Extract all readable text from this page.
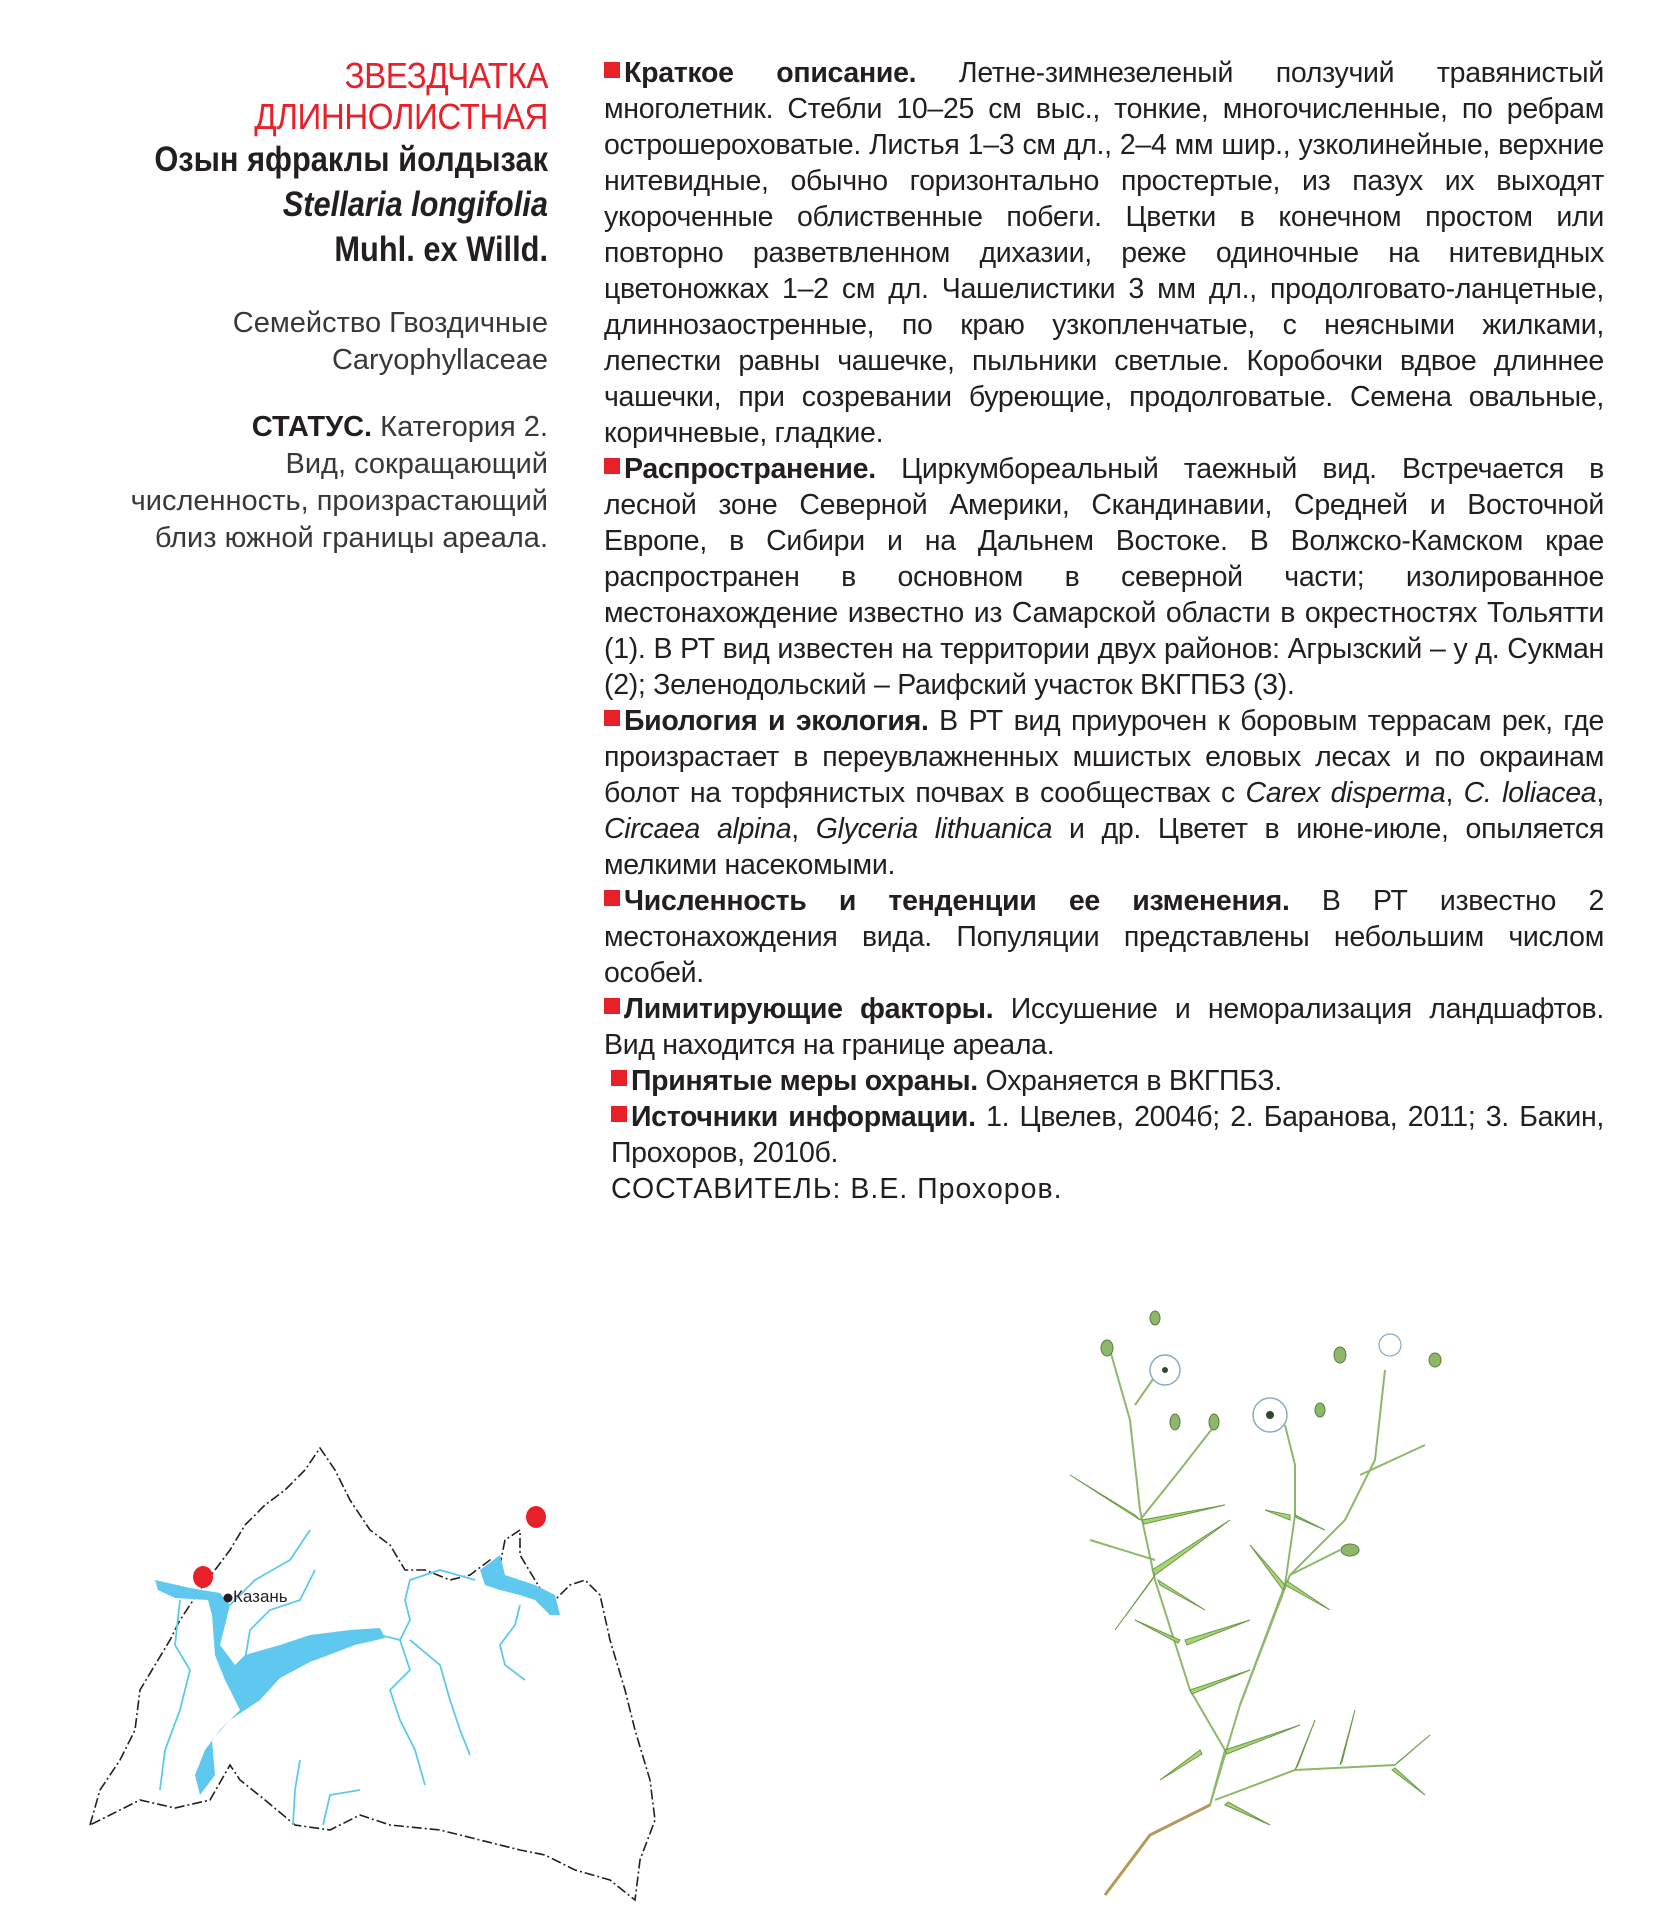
ЗВЕЗДЧАТКА
ДЛИННОЛИСТНАЯ
Озын яфраклы йолдызак
Stellaria longifolia
Muhl. ex Willd.
Семейство Гвоздичные
Caryophyllaceae
СТАТУС. Категория 2.
Вид, сокращающий
численность, произрастающий
близ южной границы ареала.

Краткое описание. Летне-зимнезеленый ползучий травянистый многолетник. Стебли 10–25 см выс., тонкие, многочисленные, по ребрам острошероховатые. Листья 1–3 см дл., 2–4 мм шир., узколинейные, верхние нитевидные, обычно горизонтально простертые, из пазух их выходят укороченные облиственные побеги. Цветки в конечном простом или повторно разветвленном дихазии, реже одиночные на нитевидных цветоножках 1–2 см дл. Чашелистики 3 мм дл., продолговато-ланцетные, длиннозаостренные, по краю узкопленчатые, с неясными жилками, лепестки равны чашечке, пыльники светлые. Коробочки вдвое длиннее чашечки, при созревании буреющие, продолговатые. Семена овальные, коричневые, гладкие.

Распространение. Циркумбореальный таежный вид. Встречается в лесной зоне Северной Америки, Скандинавии, Средней и Восточной Европе, в Сибири и на Дальнем Востоке. В Волжско-Камском крае распространен в основном в северной части; изолированное местонахождение известно из Самарской области в окрестностях Тольятти (1). В РТ вид известен на территории двух районов: Агрызский – у д. Сукман (2); Зеленодольский – Раифский участок ВКГПБЗ (3).

Биология и экология. В РТ вид приурочен к боровым террасам рек, где произрастает в переувлажненных мшистых еловых лесах и по окраинам болот на торфянистых почвах в сообществах с Carex disperma, C. loliacea, Circaea alpina, Glyceria lithuanica и др. Цветет в июне-июле, опыляется мелкими насекомыми.

Численность и тенденции ее изменения. В РТ известно 2 местонахождения вида. Популяции представлены небольшим числом особей.

Лимитирующие факторы. Иссушение и неморализация ландшафтов. Вид находится на границе ареала.

Принятые меры охраны. Охраняется в ВКГПБЗ.

Источники информации. 1. Цвелев, 2004б; 2. Баранова, 2011; 3. Бакин, Прохоров, 2010б.

СОСТАВИТЕЛЬ: В.Е. Прохоров.

Казань
